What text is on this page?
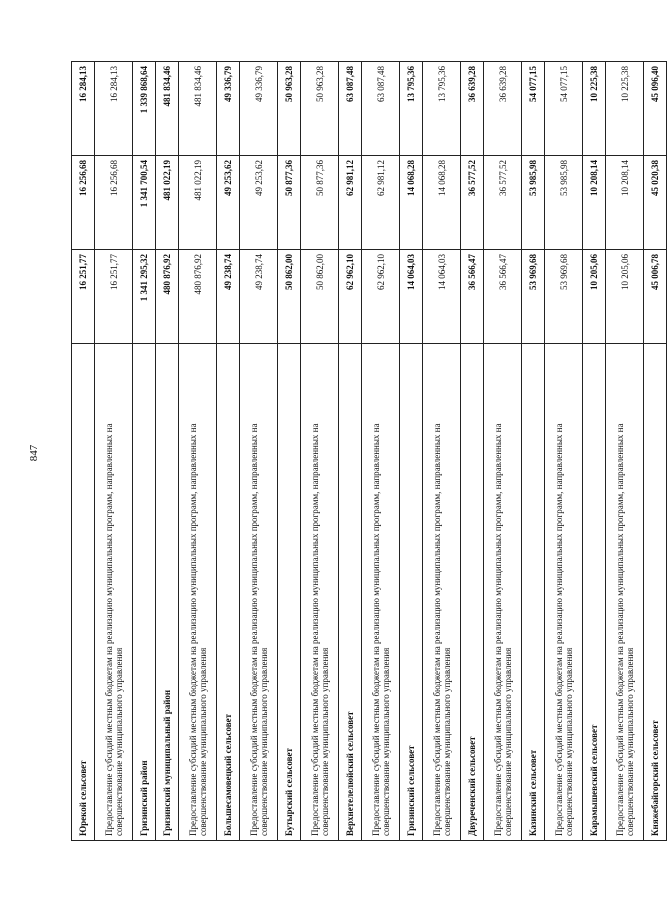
847
Юрекой сельсовет	16 251,77	16 256,68	16 284,13
Предоставление субсидий местным бюджетам на реализацию муниципальных программ, направленных на совершенствование муниципального управления	16 251,77	16 256,68	16 284,13
Гризинский район	1 341 295,32	1 341 700,54	1 339 868,64
Гризинский муниципальный район	480 876,92	481 022,19	481 834,46
Предоставление субсидий местным бюджетам на реализацию муниципальных программ, направленных на совершенствование муниципального управления	480 876,92	481 022,19	481 834,46
Большесамовецкий сельсовет	49 238,74	49 253,62	49 336,79
Предоставление субсидий местным бюджетам на реализацию муниципальных программ, направленных на совершенствование муниципального управления	49 238,74	49 253,62	49 336,79
Бутырский сельсовет	50 862,00	50 877,36	50 963,28
Предоставление субсидий местным бюджетам на реализацию муниципальных программ, направленных на совершенствование муниципального управления	50 862,00	50 877,36	50 963,28
Верхнетелелюйский сельсовет	62 962,10	62 981,12	63 087,48
Предоставление субсидий местным бюджетам на реализацию муниципальных программ, направленных на совершенствование муниципального управления	62 962,10	62 981,12	63 087,48
Гризинский сельсовет	14 064,03	14 068,28	13 795,36
Предоставление субсидий местным бюджетам на реализацию муниципальных программ, направленных на совершенствование муниципального управления	14 064,03	14 068,28	13 795,36
Двуреченский сельсовет	36 566,47	36 577,52	36 639,28
Предоставление субсидий местным бюджетам на реализацию муниципальных программ, направленных на совершенствование муниципального управления	36 566,47	36 577,52	36 639,28
Казинский сельсовет	53 969,68	53 985,98	54 077,15
Предоставление субсидий местным бюджетам на реализацию муниципальных программ, направленных на совершенствование муниципального управления	53 969,68	53 985,98	54 077,15
Карамышевский сельсовет	10 205,06	10 208,14	10 225,38
Предоставление субсидий местным бюджетам на реализацию муниципальных программ, направленных на совершенствование муниципального управления	10 205,06	10 208,14	10 225,38
Княжебайгорский сельсовет	45 006,78	45 020,38	45 096,40
